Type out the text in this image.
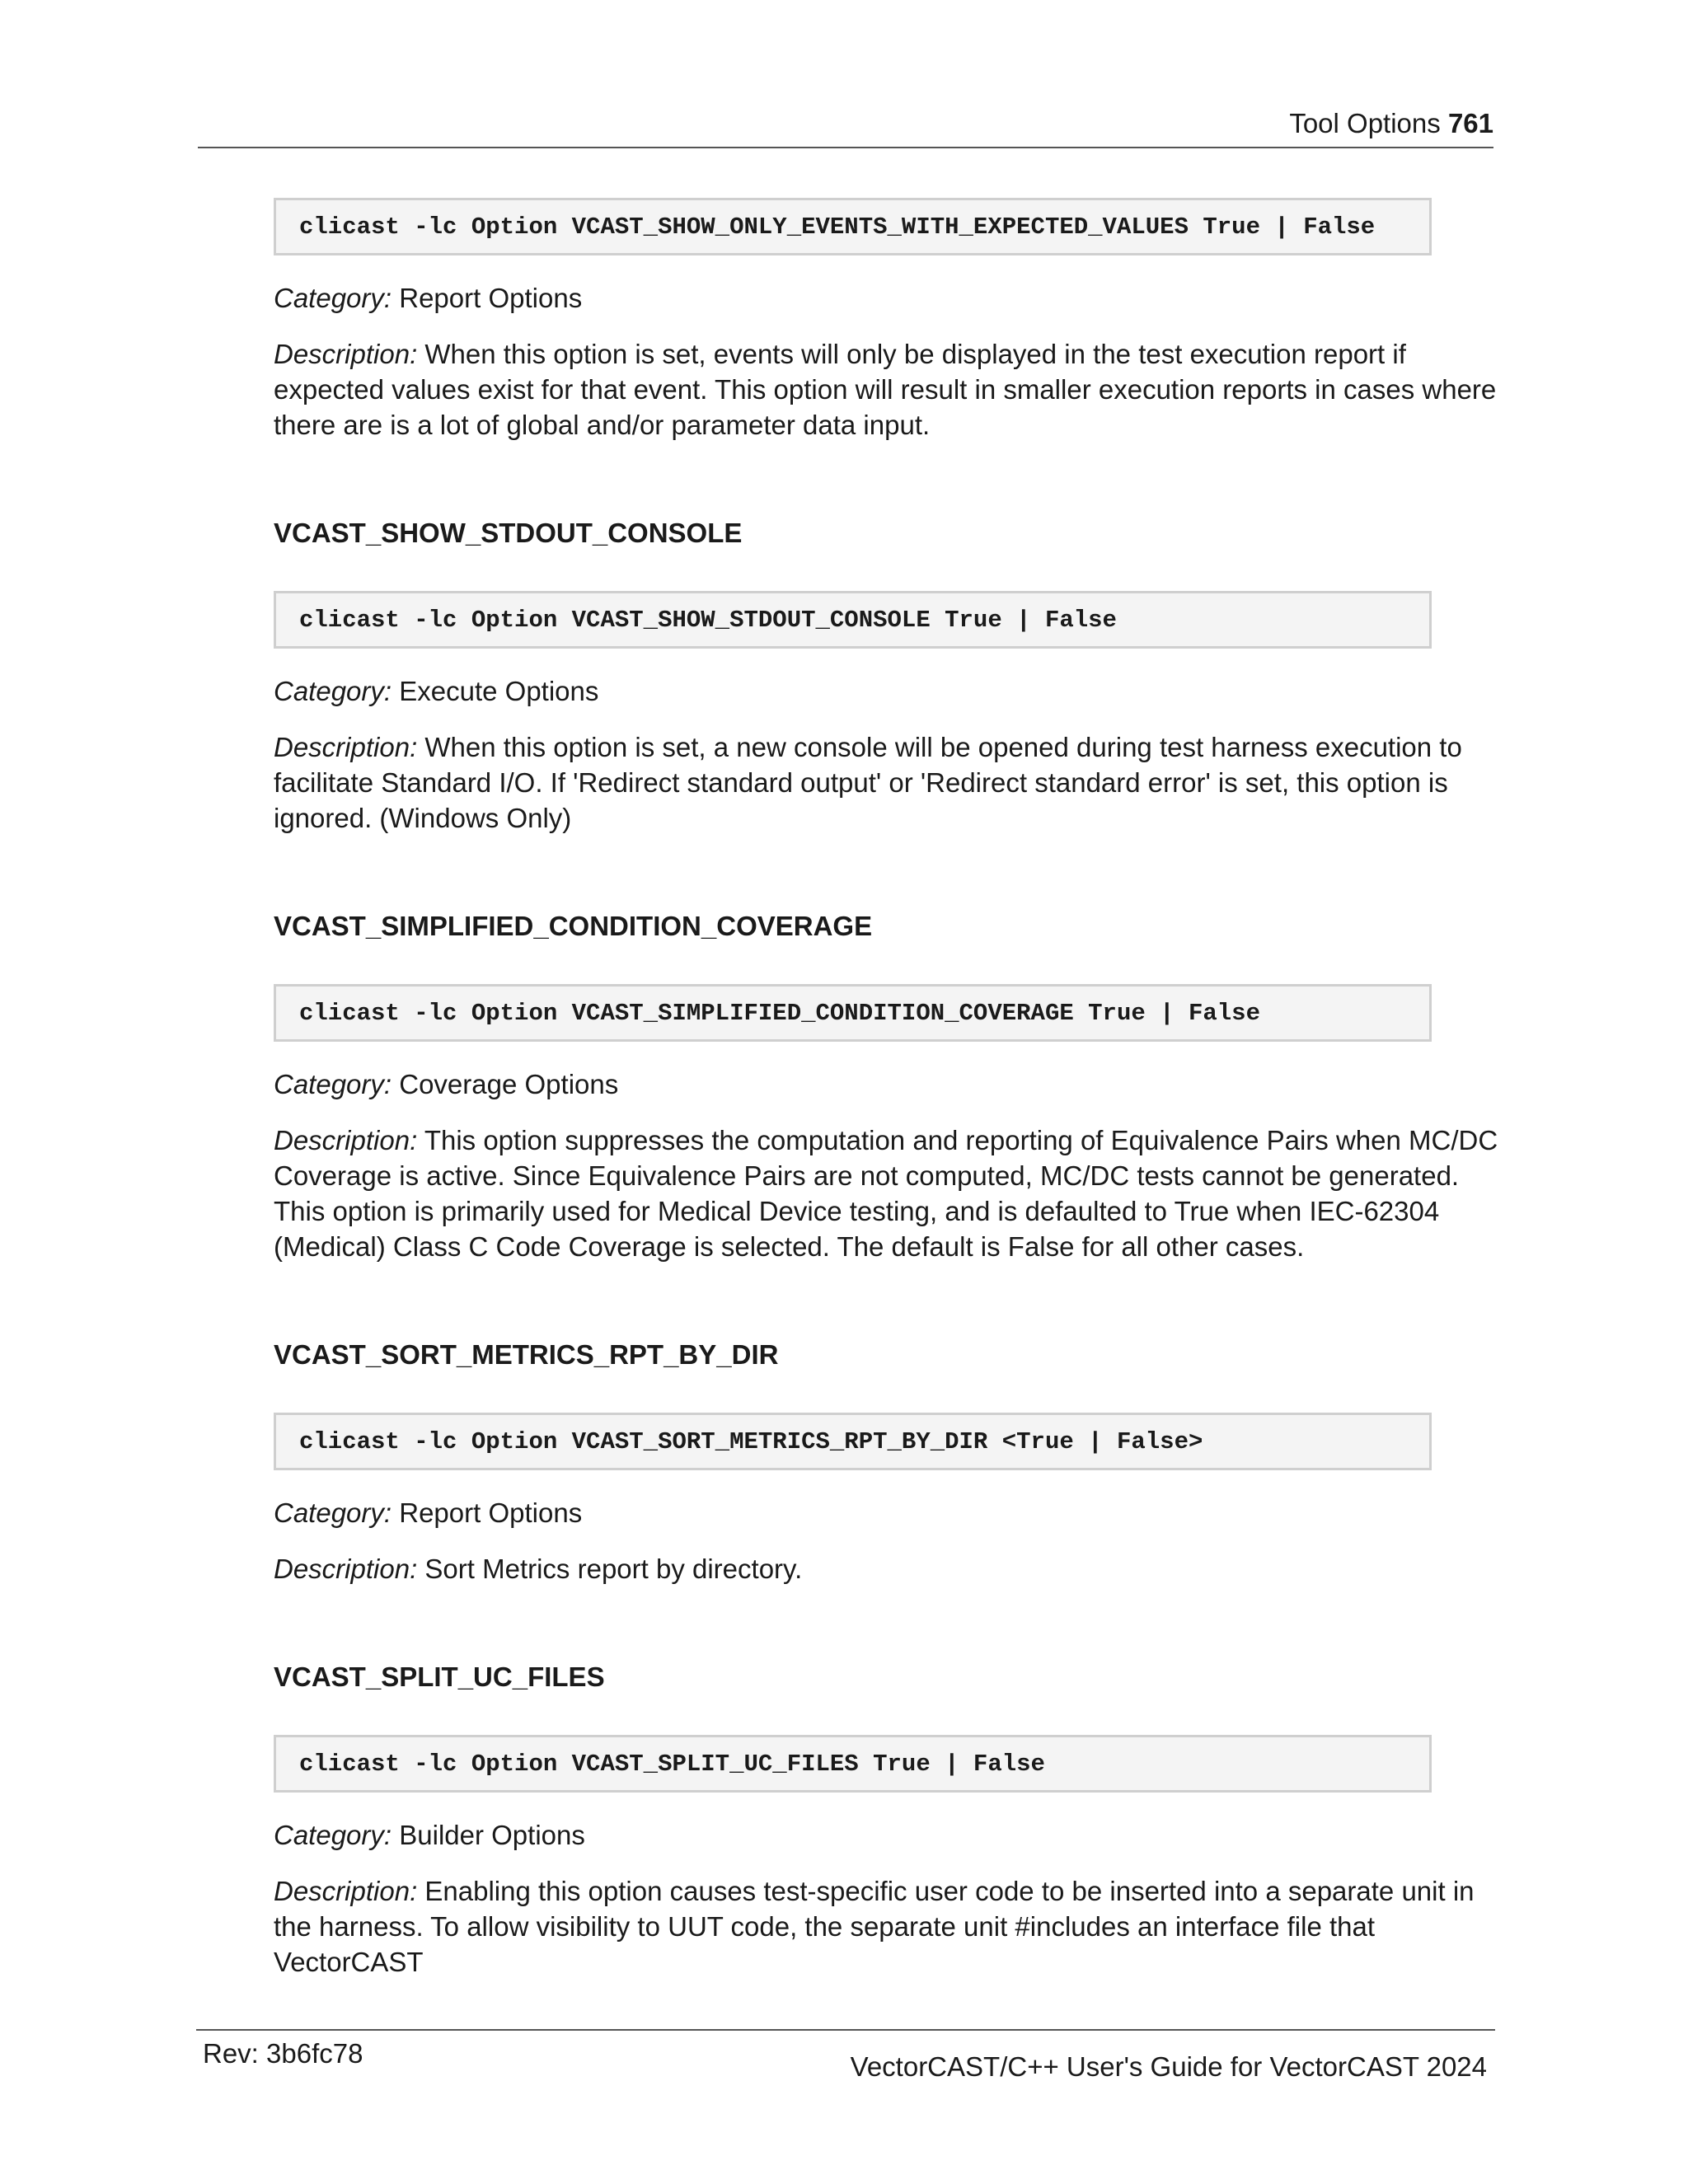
Tool Options 761
clicast -lc Option VCAST_SHOW_ONLY_EVENTS_WITH_EXPECTED_VALUES True | False

Category: Report Options

Description: When this option is set, events will only be displayed in the test execution report if expected values exist for that event. This option will result in smaller execution reports in cases where there are is a lot of global and/or parameter data input.

VCAST_SHOW_STDOUT_CONSOLE
clicast -lc Option VCAST_SHOW_STDOUT_CONSOLE True | False

Category: Execute Options

Description: When this option is set, a new console will be opened during test harness execution to facilitate Standard I/O. If 'Redirect standard output' or 'Redirect standard error' is set, this option is ignored. (Windows Only)

VCAST_SIMPLIFIED_CONDITION_COVERAGE
clicast -lc Option VCAST_SIMPLIFIED_CONDITION_COVERAGE True | False

Category: Coverage Options

Description: This option suppresses the computation and reporting of Equivalence Pairs when MC/DC Coverage is active. Since Equivalence Pairs are not computed, MC/DC tests cannot be generated. This option is primarily used for Medical Device testing, and is defaulted to True when IEC-62304 (Medical) Class C Code Coverage is selected. The default is False for all other cases.

VCAST_SORT_METRICS_RPT_BY_DIR
clicast -lc Option VCAST_SORT_METRICS_RPT_BY_DIR <True | False>

Category: Report Options

Description: Sort Metrics report by directory.

VCAST_SPLIT_UC_FILES
clicast -lc Option VCAST_SPLIT_UC_FILES True | False

Category: Builder Options

Description: Enabling this option causes test-specific user code to be inserted into a separate unit in the harness. To allow visibility to UUT code, the separate unit #includes an interface file that VectorCAST

Rev: 3b6fc78	VectorCAST/C++ User's Guide for VectorCAST 2024
